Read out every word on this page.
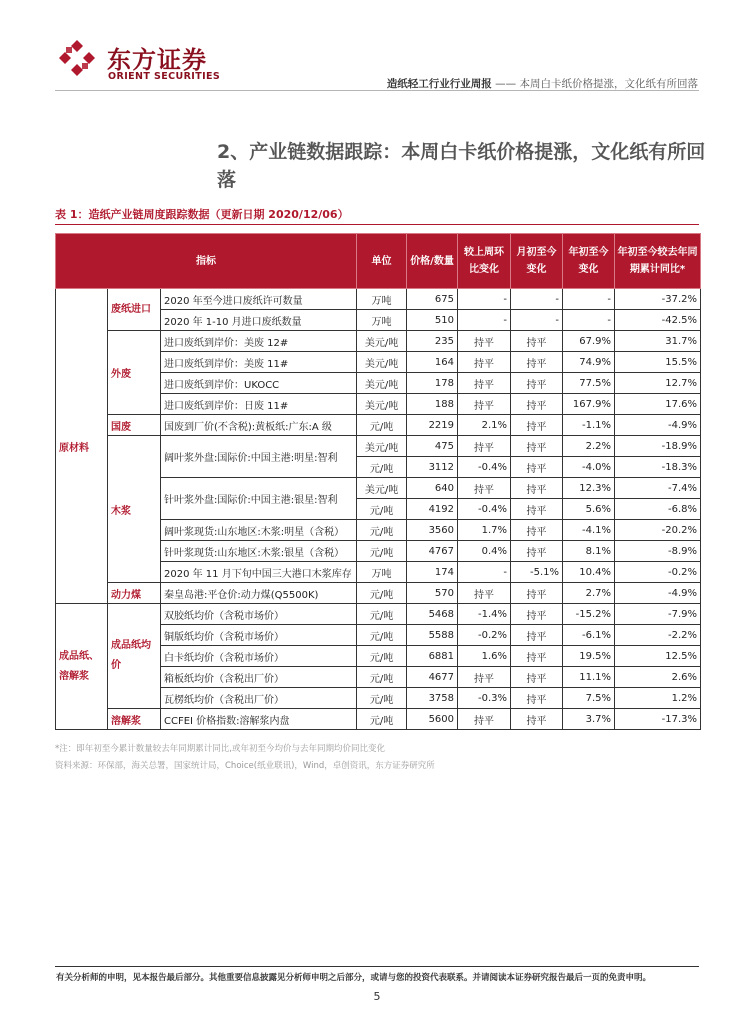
东方证券
ORIENT SECURITIES
造纸轻工行业行业周报 —— 本周白卡纸价格提涨，文化纸有所回落
2、产业链数据跟踪：本周白卡纸价格提涨，文化纸有所回落
表 1：造纸产业链周度跟踪数据（更新日期 2020/12/06）
指标			单位	价格/数量	较上周环比变化	月初至今变化	年初至今变化	年初至今较去年同期累计同比*
原材料	废纸进口	2020 年至今进口废纸许可数量	万吨	675	-	-	-	-37.2%
		2020 年 1-10 月进口废纸数量	万吨	510	-	-	-	-42.5%
	外废	进口废纸到岸价：美废 12#	美元/吨	235	持平	持平	67.9%	31.7%
		进口废纸到岸价：美废 11#	美元/吨	164	持平	持平	74.9%	15.5%
		进口废纸到岸价：UKOCC	美元/吨	178	持平	持平	77.5%	12.7%
		进口废纸到岸价：日废 11#	美元/吨	188	持平	持平	167.9%	17.6%
	国废	国废到厂价(不含税):黄板纸:广东:A 级	元/吨	2219	2.1%	持平	-1.1%	-4.9%
	木浆	阔叶浆外盘:国际价:中国主港:明星:智利	美元/吨	475	持平	持平	2.2%	-18.9%
			元/吨	3112	-0.4%	持平	-4.0%	-18.3%
		针叶浆外盘:国际价:中国主港:银星:智利	美元/吨	640	持平	持平	12.3%	-7.4%
			元/吨	4192	-0.4%	持平	5.6%	-6.8%
		阔叶浆现货:山东地区:木浆:明星（含税）	元/吨	3560	1.7%	持平	-4.1%	-20.2%
		针叶浆现货:山东地区:木浆:银星（含税）	元/吨	4767	0.4%	持平	8.1%	-8.9%
		2020 年 11 月下旬中国三大港口木浆库存	万吨	174	-	-5.1%	10.4%	-0.2%
	动力煤	秦皇岛港:平仓价:动力煤(Q5500K)	元/吨	570	持平	持平	2.7%	-4.9%
成品纸、溶解浆	成品纸均价	双胶纸均价（含税市场价）	元/吨	5468	-1.4%	持平	-15.2%	-7.9%
		铜版纸均价（含税市场价）	元/吨	5588	-0.2%	持平	-6.1%	-2.2%
		白卡纸均价（含税市场价）	元/吨	6881	1.6%	持平	19.5%	12.5%
		箱板纸均价（含税出厂价）	元/吨	4677	持平	持平	11.1%	2.6%
		瓦楞纸均价（含税出厂价）	元/吨	3758	-0.3%	持平	7.5%	1.2%
	溶解浆	CCFEI 价格指数:溶解浆内盘	元/吨	5600	持平	持平	3.7%	-17.3%
*注：即年初至今累计数量较去年同期累计同比,或年初至今均价与去年同期均价同比变化
资料来源：环保部，海关总署，国家统计局，Choice(纸业联讯)，Wind，卓创资讯，东方证券研究所
有关分析师的申明，见本报告最后部分。其他重要信息披露见分析师申明之后部分，或请与您的投资代表联系。并请阅读本证券研究报告最后一页的免责申明。
5
